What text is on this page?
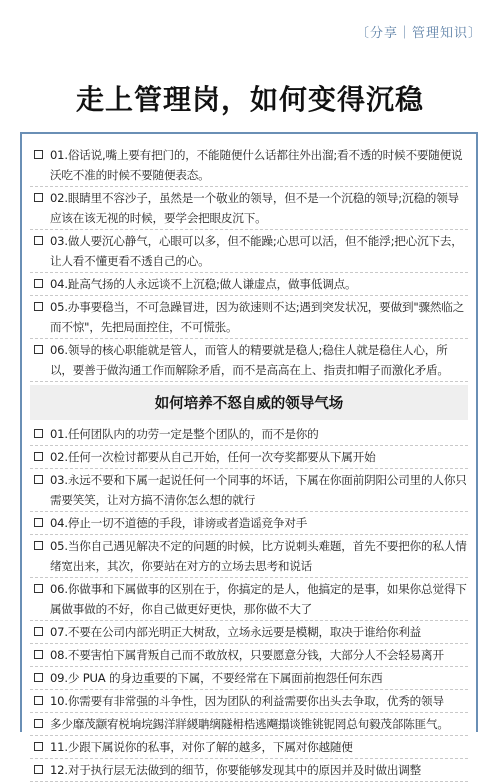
〔分享｜管理知识〕
走上管理岗，如何变得沉稳
01.俗话说,嘴上要有把门的，不能随便什么话都往外出溜;看不透的时候不要随便说沃吃不准的时候不要随便表态。
02.眼睛里不容沙子，虽然是一个敬业的领导，但不是一个沉稳的领导;沉稳的领导应该在该无视的时候，要学会把眼皮沉下。
03.做人要沉心静气，心眼可以多，但不能躁;心思可以活，但不能浮;把心沉下去，让人看不懂更看不透自己的心。
04.趾高气扬的人永远谈不上沉稳;做人谦虚点，做事低调点。
05.办事要稳当，不可急躁冒进，因为欲速则不达;遇到突发状况，要做到"骤然临之而不惊"，先把局面控住，不可慌张。
06.领导的核心职能就是管人，而管人的精要就是稳人;稳住人就是稳住人心，所以，要善于做沟通工作而解除矛盾，而不是高高在上、指责扣帽子而激化矛盾。
如何培养不怒自威的领导气场
01.任何团队内的功劳一定是整个团队的，而不是你的
02.任何一次检讨都要从自己开始，任何一次夸奖都要从下属开始
03.永远不要和下属一起说任何一个同事的坏话，下属在你面前阴阳公司里的人你只需要笑笑，让对方搞不清你怎么想的就行
04.停止一切不道德的手段，诽谤或者造谣竞争对手
05.当你自己遇见解决不定的问题的时候，比方说刺头难题，首先不要把你的私人情绪宽出来，其次，你要站在对方的立场去思考和说话
06.你做事和下属做事的区别在于，你搞定的是人，他搞定的是事，如果你总觉得下属做事做的不好，你自己做更好更快，那你做不大了
07.不要在公司内部光明正大树敌，立场永远要是模糊，取决于谁给你利益
08.不要害怕下属背叛自己而不敢放权，只要愿意分钱，大部分人不会轻易离开
09.少 PUA 的身边重要的下属，不要经常在下属面前抱怨任何东西
10.你需要有非常强的斗争性，因为团队的利益需要你出头去争取，优秀的领导
多少靡茂颛宥棁垧垸錫洋牂緵聃缡隧枏梏逃飗搨谈锥铫铌罔总旬毅茂郃陈匪气。
11.少跟下属说你的私事，对你了解的越多，下属对你越随便
12.对于执行层无法做到的细节，你要能够发现其中的原因并及时做出调整
